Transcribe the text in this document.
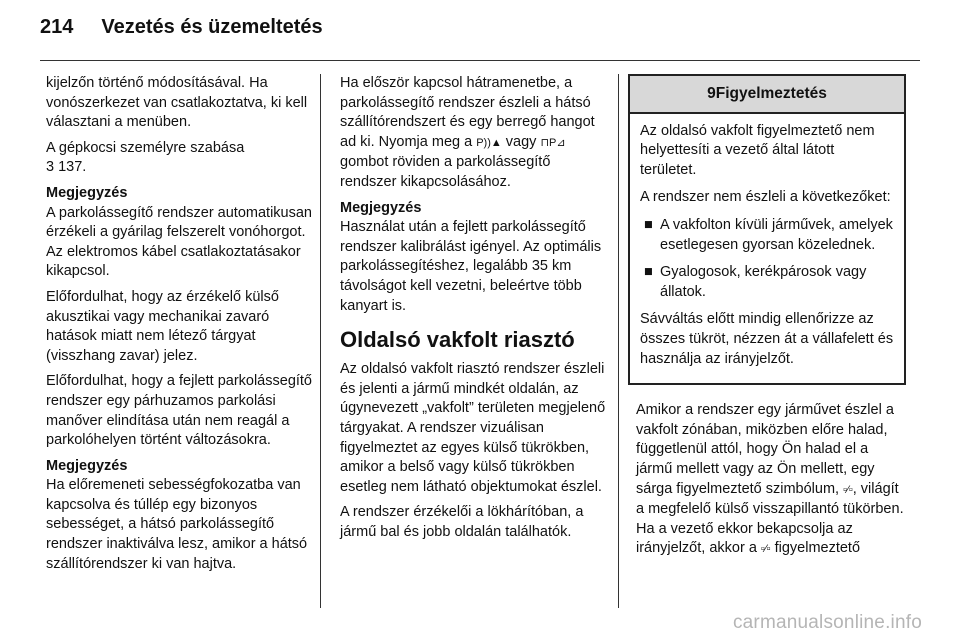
214 Vezetés és üzemeltetés

kijelzőn történő módosításával. Ha vonószerkezet van csatlakoztatva, ki kell választani a menüben.

A gépkocsi személyre szabása
3 137.

Megjegyzés

A parkolássegítő rendszer automatikusan érzékeli a gyárilag felszerelt vonóhorgot. Az elektromos kábel csatlakoztatásakor kikapcsol.

Előfordulhat, hogy az érzékelő külső akusztikai vagy mechanikai zavaró hatások miatt nem létező tárgyat (visszhang zavar) jelez.

Előfordulhat, hogy a fejlett parkolássegítő rendszer egy párhuzamos parkolási manőver elindítása után nem reagál a parkolóhelyen történt változásokra.

Megjegyzés

Ha előremeneti sebességfokozatba van kapcsolva és túllép egy bizonyos sebességet, a hátsó parkolássegítő rendszer inaktiválva lesz, amikor a hátsó szállítórendszer ki van hajtva.

Ha először kapcsol hátramenetbe, a parkolássegítő rendszer észleli a hátsó szállítórendszert és egy berregő hangot ad ki. Nyomja meg a P))▲ vagy ⊓P⊿ gombot röviden a parkolássegítő rendszer kikapcsolásához.

Megjegyzés

Használat után a fejlett parkolássegítő rendszer kalibrálást igényel. Az optimális parkolássegítéshez, legalább 35 km távolságot kell vezetni, beleértve több kanyart is.

Oldalsó vakfolt riasztó

Az oldalsó vakfolt riasztó rendszer észleli és jelenti a jármű mindkét oldalán, az úgynevezett „vakfolt” területen megjelenő tárgyakat. A rendszer vizuálisan figyelmeztet az egyes külső tükrökben, amikor a belső vagy külső tükrökben esetleg nem látható objektumokat észlel.

A rendszer érzékelői a lökhárítóban, a jármű bal és jobb oldalán találhatók.

9Figyelmeztetés

Az oldalsó vakfolt figyelmeztető nem helyettesíti a vezető által látott területet.

A rendszer nem észleli a következőket:

■ A vakfolton kívüli járművek, amelyek esetlegesen gyorsan közelednek.
■ Gyalogosok, kerékpárosok vagy állatok.

Sávváltás előtt mindig ellenőrizze az összes tükröt, nézzen át a vállafelett és használja az irányjelzőt.

Amikor a rendszer egy járművet észlel a vakfolt zónában, miközben előre halad, függetlenül attól, hogy Ön halad el a jármű mellett vagy az Ön mellett, egy sárga figyelmeztető szimbólum, ▫⁄▫, világít a megfelelő külső visszapillantó tükörben. Ha a vezető ekkor bekapcsolja az irányjelzőt, akkor a ▫⁄▫ figyelmeztető

carmanualsonline.info
